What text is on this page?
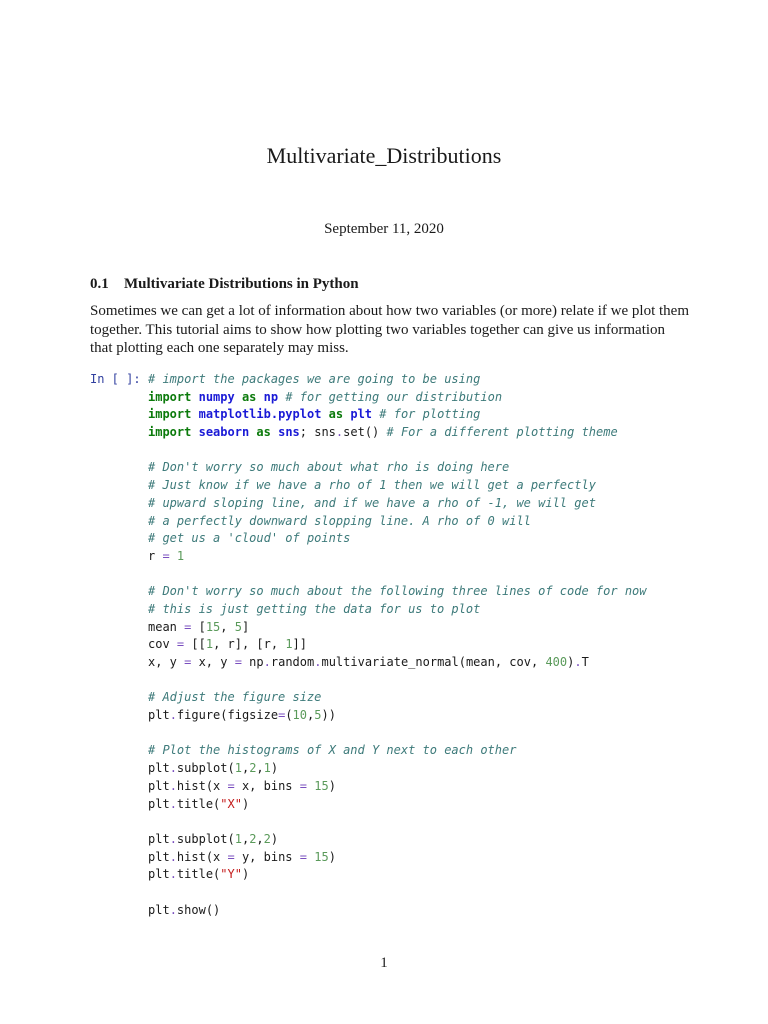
Multivariate_Distributions
September 11, 2020
0.1 Multivariate Distributions in Python
Sometimes we can get a lot of information about how two variables (or more) relate if we plot them
together. This tutorial aims to show how plotting two variables together can give us information
that plotting each one separately may miss.
In [ ]: # import the packages we are going to be using
import numpy as np # for getting our distribution
import matplotlib.pyplot as plt # for plotting
import seaborn as sns; sns.set() # For a different plotting theme
# Don't worry so much about what rho is doing here
# Just know if we have a rho of 1 then we will get a perfectly
# upward sloping line, and if we have a rho of -1, we will get
# a perfectly downward slopping line. A rho of 0 will
# get us a 'cloud' of points
r = 1
# Don't worry so much about the following three lines of code for now
# this is just getting the data for us to plot
mean = [15, 5]
cov = [[1, r], [r, 1]]
x, y = x, y = np.random.multivariate_normal(mean, cov, 400).T
# Adjust the figure size
plt.figure(figsize=(10,5))
# Plot the histograms of X and Y next to each other
plt.subplot(1,2,1)
plt.hist(x = x, bins = 15)
plt.title("X")
plt.subplot(1,2,2)
plt.hist(x = y, bins = 15)
plt.title("Y")
plt.show()
1
